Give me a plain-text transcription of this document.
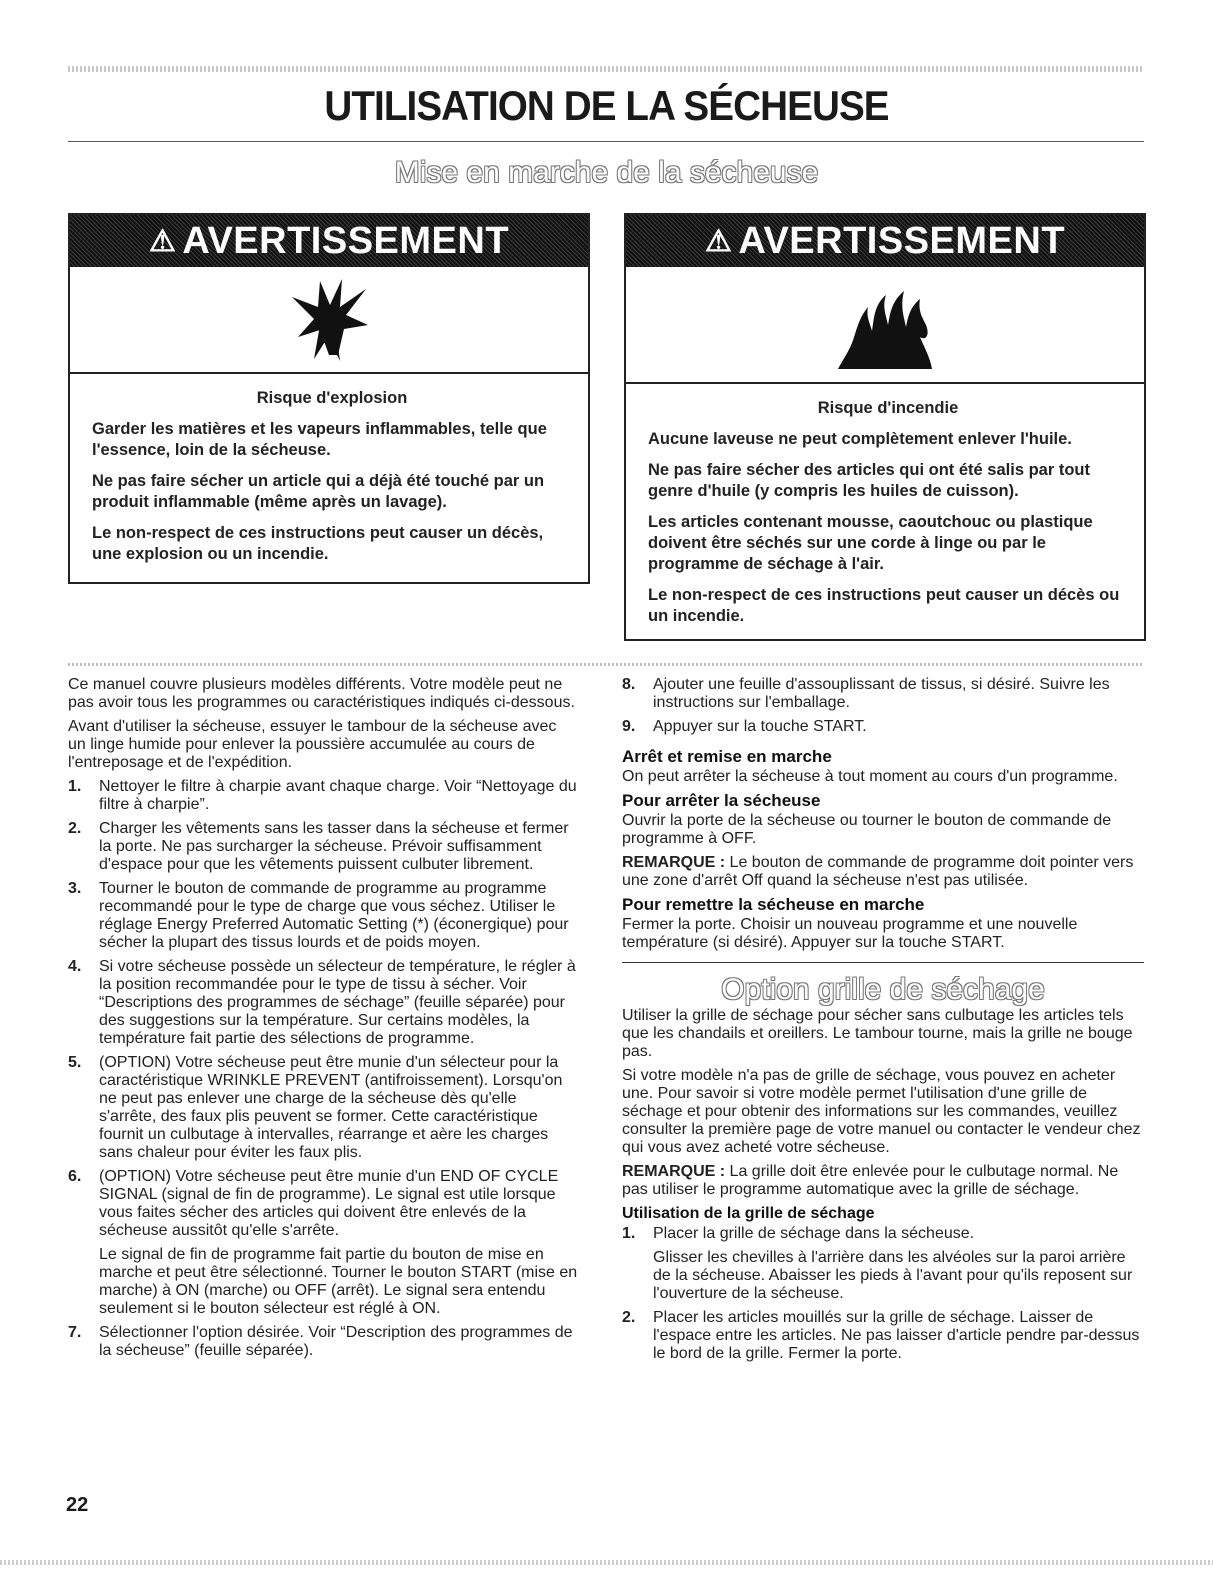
UTILISATION DE LA SÉCHEUSE
Mise en marche de la sécheuse
⚠ AVERTISSEMENT
Risque d'explosion

Garder les matières et les vapeurs inflammables, telle que l'essence, loin de la sécheuse.

Ne pas faire sécher un article qui a déjà été touché par un produit inflammable (même après un lavage).

Le non-respect de ces instructions peut causer un décès, une explosion ou un incendie.

⚠ AVERTISSEMENT
Risque d'incendie

Aucune laveuse ne peut complètement enlever l'huile.

Ne pas faire sécher des articles qui ont été salis par tout genre d'huile (y compris les huiles de cuisson).

Les articles contenant mousse, caoutchouc ou plastique doivent être séchés sur une corde à linge ou par le programme de séchage à l'air.

Le non-respect de ces instructions peut causer un décès ou un incendie.

Ce manuel couvre plusieurs modèles différents. Votre modèle peut ne pas avoir tous les programmes ou caractéristiques indiqués ci-dessous.

Avant d'utiliser la sécheuse, essuyer le tambour de la sécheuse avec un linge humide pour enlever la poussière accumulée au cours de l'entreposage et de l'expédition.

1. Nettoyer le filtre à charpie avant chaque charge. Voir “Nettoyage du filtre à charpie”.
2. Charger les vêtements sans les tasser dans la sécheuse et fermer la porte. Ne pas surcharger la sécheuse. Prévoir suffisamment d'espace pour que les vêtements puissent culbuter librement.
3. Tourner le bouton de commande de programme au programme recommandé pour le type de charge que vous séchez. Utiliser le réglage Energy Preferred Automatic Setting (*) (éconergique) pour sécher la plupart des tissus lourds et de poids moyen.
4. Si votre sécheuse possède un sélecteur de température, le régler à la position recommandée pour le type de tissu à sécher. Voir “Descriptions des programmes de séchage” (feuille séparée) pour des suggestions sur la température. Sur certains modèles, la température fait partie des sélections de programme.
5. (OPTION) Votre sécheuse peut être munie d'un sélecteur pour la caractéristique WRINKLE PREVENT (antifroissement). Lorsqu'on ne peut pas enlever une charge de la sécheuse dès qu'elle s'arrête, des faux plis peuvent se former. Cette caractéristique fournit un culbutage à intervalles, réarrange et aère les charges sans chaleur pour éviter les faux plis.
6. (OPTION) Votre sécheuse peut être munie d'un END OF CYCLE SIGNAL (signal de fin de programme). Le signal est utile lorsque vous faites sécher des articles qui doivent être enlevés de la sécheuse aussitôt qu'elle s'arrête.

Le signal de fin de programme fait partie du bouton de mise en marche et peut être sélectionné. Tourner le bouton START (mise en marche) à ON (marche) ou OFF (arrêt). Le signal sera entendu seulement si le bouton sélecteur est réglé à ON.

7. Sélectionner l'option désirée. Voir “Description des programmes de la sécheuse” (feuille séparée).
8. Ajouter une feuille d'assouplissant de tissus, si désiré. Suivre les instructions sur l'emballage.
9. Appuyer sur la touche START.
Arrêt et remise en marche

On peut arrêter la sécheuse à tout moment au cours d'un programme.

Pour arrêter la sécheuse

Ouvrir la porte de la sécheuse ou tourner le bouton de commande de programme à OFF.

REMARQUE : Le bouton de commande de programme doit pointer vers une zone d'arrêt Off quand la sécheuse n'est pas utilisée.

Pour remettre la sécheuse en marche

Fermer la porte. Choisir un nouveau programme et une nouvelle température (si désiré). Appuyer sur la touche START.

Option grille de séchage

Utiliser la grille de séchage pour sécher sans culbutage les articles tels que les chandails et oreillers. Le tambour tourne, mais la grille ne bouge pas.

Si votre modèle n'a pas de grille de séchage, vous pouvez en acheter une. Pour savoir si votre modèle permet l'utilisation d'une grille de séchage et pour obtenir des informations sur les commandes, veuillez consulter la première page de votre manuel ou contacter le vendeur chez qui vous avez acheté votre sécheuse.

REMARQUE : La grille doit être enlevée pour le culbutage normal. Ne pas utiliser le programme automatique avec la grille de séchage.

Utilisation de la grille de séchage
1. Placer la grille de séchage dans la sécheuse.

Glisser les chevilles à l'arrière dans les alvéoles sur la paroi arrière de la sécheuse. Abaisser les pieds à l'avant pour qu'ils reposent sur l'ouverture de la sécheuse.

2. Placer les articles mouillés sur la grille de séchage. Laisser de l'espace entre les articles. Ne pas laisser d'article pendre par-dessus le bord de la grille. Fermer la porte.
22
